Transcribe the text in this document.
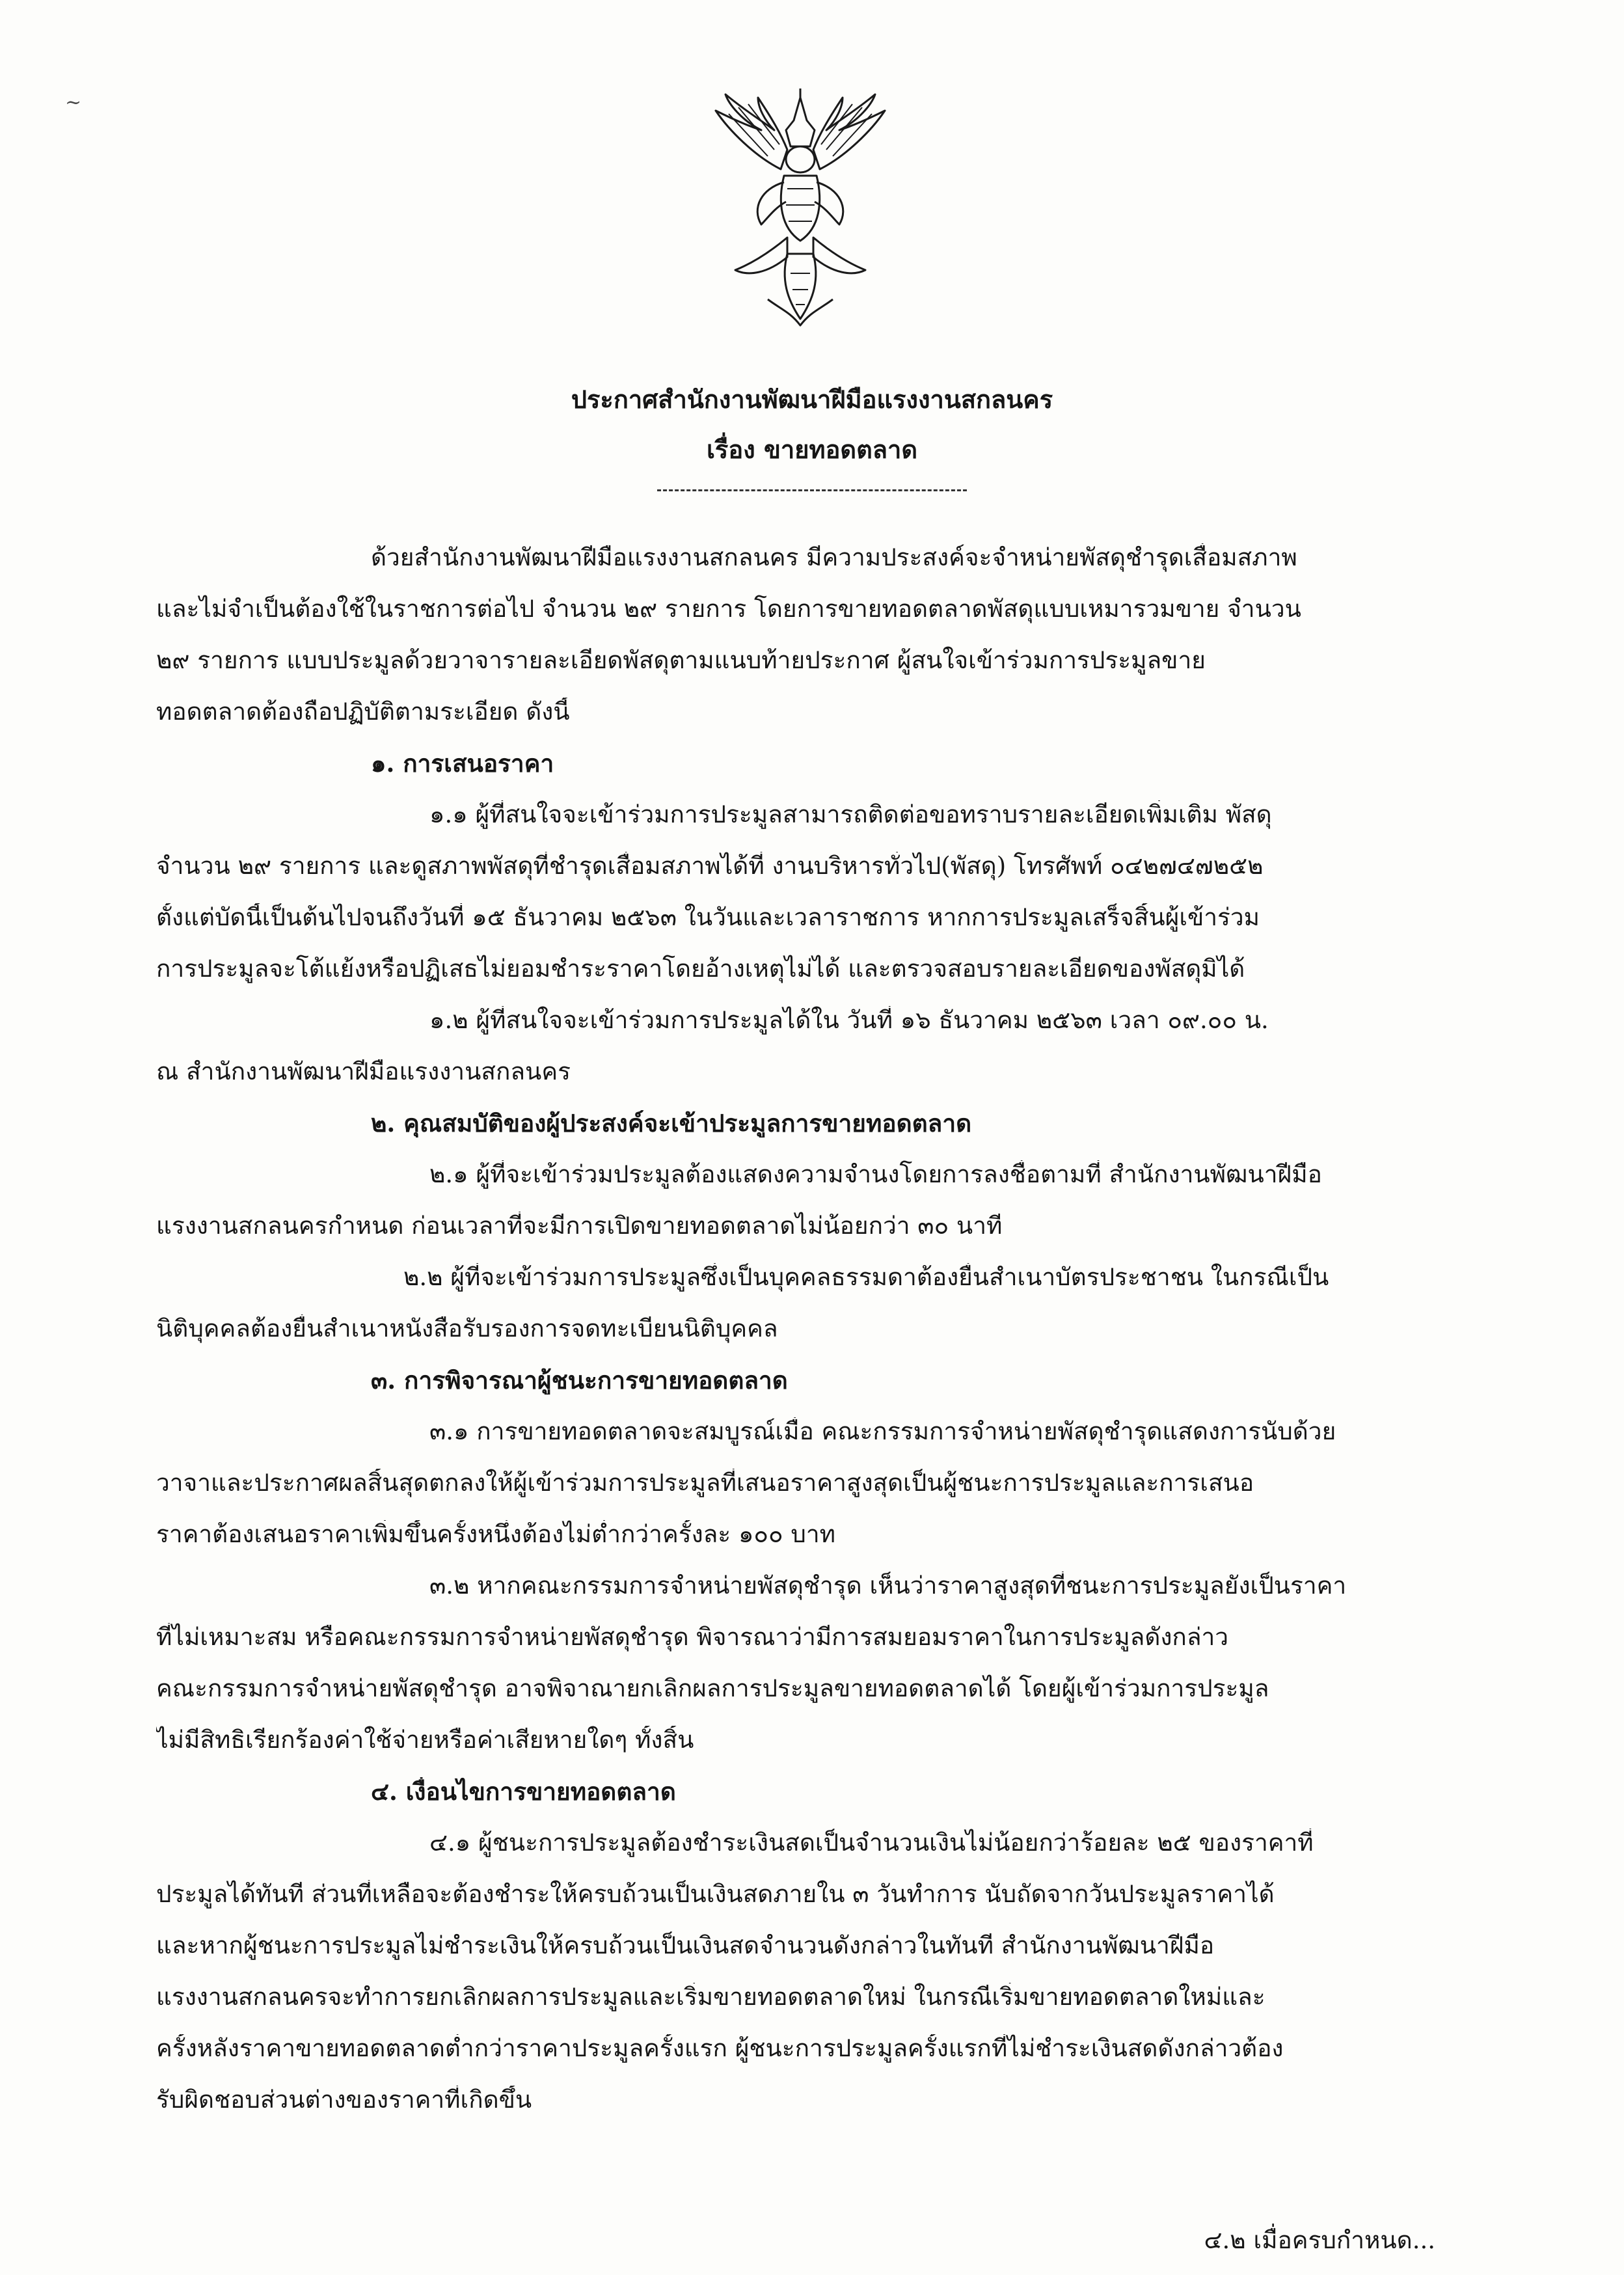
~
ประกาศสำนักงานพัฒนาฝีมือแรงงานสกลนคร
เรื่อง ขายทอดตลาด
ด้วยสำนักงานพัฒนาฝีมือแรงงานสกลนคร มีความประสงค์จะจำหน่ายพัสดุชำรุดเสื่อมสภาพ
และไม่จำเป็นต้องใช้ในราชการต่อไป จำนวน ๒๙ รายการ โดยการขายทอดตลาดพัสดุแบบเหมารวมขาย จำนวน
๒๙ รายการ แบบประมูลด้วยวาจารายละเอียดพัสดุตามแนบท้ายประกาศ ผู้สนใจเข้าร่วมการประมูลขาย
ทอดตลาดต้องถือปฏิบัติตามระเอียด ดังนี้
๑. การเสนอราคา
๑.๑ ผู้ที่สนใจจะเข้าร่วมการประมูลสามารถติดต่อขอทราบรายละเอียดเพิ่มเติม พัสดุ
จำนวน ๒๙ รายการ และดูสภาพพัสดุที่ชำรุดเสื่อมสภาพได้ที่ งานบริหารทั่วไป(พัสดุ) โทรศัพท์ ๐๔๒๗๔๗๒๕๒
ตั้งแต่บัดนี้เป็นต้นไปจนถึงวันที่ ๑๕ ธันวาคม ๒๕๖๓ ในวันและเวลาราชการ หากการประมูลเสร็จสิ้นผู้เข้าร่วม
การประมูลจะโต้แย้งหรือปฏิเสธไม่ยอมชำระราคาโดยอ้างเหตุไม่ได้ และตรวจสอบรายละเอียดของพัสดุมิได้
๑.๒ ผู้ที่สนใจจะเข้าร่วมการประมูลได้ใน วันที่ ๑๖ ธันวาคม ๒๕๖๓ เวลา ๐๙.๐๐ น.
ณ สำนักงานพัฒนาฝีมือแรงงานสกลนคร
๒. คุณสมบัติของผู้ประสงค์จะเข้าประมูลการขายทอดตลาด
๒.๑ ผู้ที่จะเข้าร่วมประมูลต้องแสดงความจำนงโดยการลงชื่อตามที่ สำนักงานพัฒนาฝีมือ
แรงงานสกลนครกำหนด ก่อนเวลาที่จะมีการเปิดขายทอดตลาดไม่น้อยกว่า ๓๐ นาที
๒.๒ ผู้ที่จะเข้าร่วมการประมูลซึ่งเป็นบุคคลธรรมดาต้องยื่นสำเนาบัตรประชาชน ในกรณีเป็น
นิติบุคคลต้องยื่นสำเนาหนังสือรับรองการจดทะเบียนนิติบุคคล
๓. การพิจารณาผู้ชนะการขายทอดตลาด
๓.๑ การขายทอดตลาดจะสมบูรณ์เมื่อ คณะกรรมการจำหน่ายพัสดุชำรุดแสดงการนับด้วย
วาจาและประกาศผลสิ้นสุดตกลงให้ผู้เข้าร่วมการประมูลที่เสนอราคาสูงสุดเป็นผู้ชนะการประมูลและการเสนอ
ราคาต้องเสนอราคาเพิ่มขึ้นครั้งหนึ่งต้องไม่ต่ำกว่าครั้งละ ๑๐๐ บาท
๓.๒ หากคณะกรรมการจำหน่ายพัสดุชำรุด เห็นว่าราคาสูงสุดที่ชนะการประมูลยังเป็นราคา
ที่ไม่เหมาะสม หรือคณะกรรมการจำหน่ายพัสดุชำรุด พิจารณาว่ามีการสมยอมราคาในการประมูลดังกล่าว
คณะกรรมการจำหน่ายพัสดุชำรุด อาจพิจาณายกเลิกผลการประมูลขายทอดตลาดได้ โดยผู้เข้าร่วมการประมูล
ไม่มีสิทธิเรียกร้องค่าใช้จ่ายหรือค่าเสียหายใดๆ ทั้งสิ้น
๔. เงื่อนไขการขายทอดตลาด
๔.๑ ผู้ชนะการประมูลต้องชำระเงินสดเป็นจำนวนเงินไม่น้อยกว่าร้อยละ ๒๕ ของราคาที่
ประมูลได้ทันที ส่วนที่เหลือจะต้องชำระให้ครบถ้วนเป็นเงินสดภายใน ๓ วันทำการ นับถัดจากวันประมูลราคาได้
และหากผู้ชนะการประมูลไม่ชำระเงินให้ครบถ้วนเป็นเงินสดจำนวนดังกล่าวในทันที สำนักงานพัฒนาฝีมือ
แรงงานสกลนครจะทำการยกเลิกผลการประมูลและเริ่มขายทอดตลาดใหม่ ในกรณีเริ่มขายทอดตลาดใหม่และ
ครั้งหลังราคาขายทอดตลาดต่ำกว่าราคาประมูลครั้งแรก ผู้ชนะการประมูลครั้งแรกที่ไม่ชำระเงินสดดังกล่าวต้อง
รับผิดชอบส่วนต่างของราคาที่เกิดขึ้น
๔.๒ เมื่อครบกำหนด...
